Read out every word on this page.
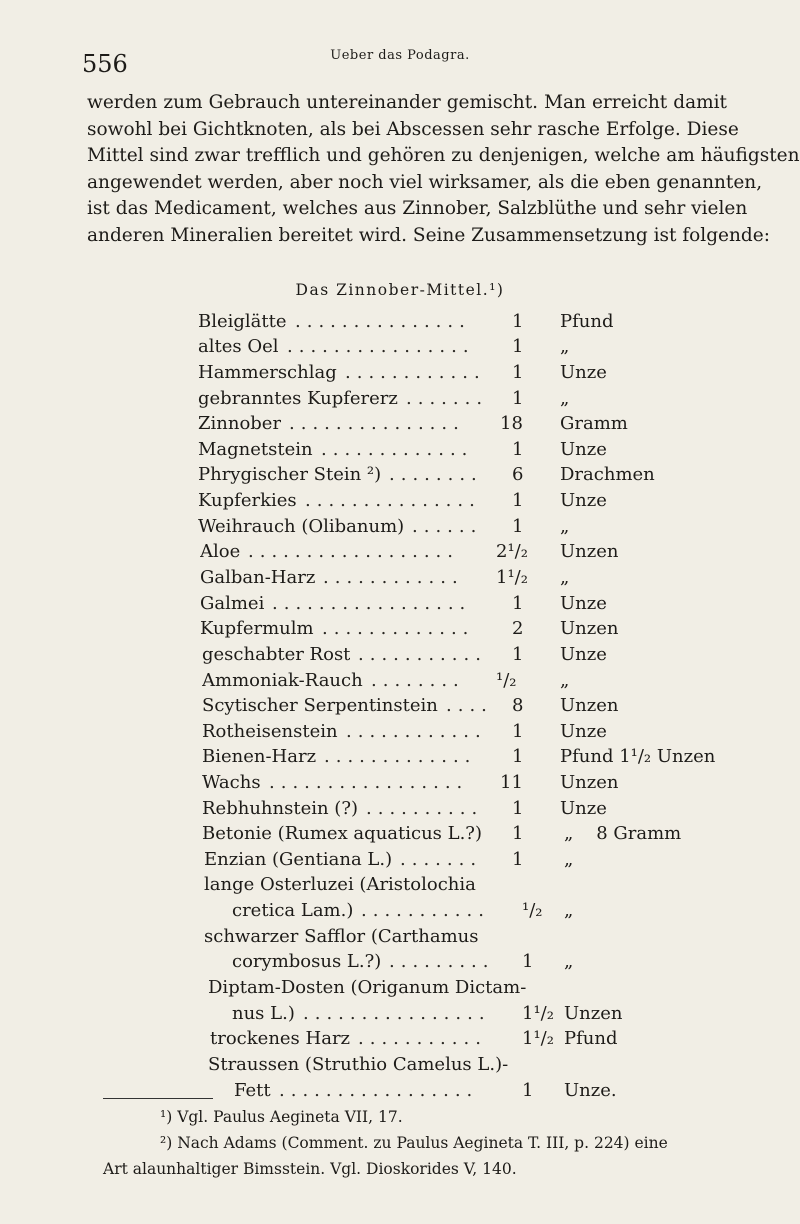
556	Ueber das Podagra.
werden zum Gebrauch untereinander gemischt. Man erreicht damit
sowohl bei Gichtknoten, als bei Abscessen sehr rasche Erfolge. Diese
Mittel sind zwar trefflich und gehören zu denjenigen, welche am häufigsten
angewendet werden, aber noch viel wirksamer, als die eben genannten,
ist das Medicament, welches aus Zinnober, Salzblüthe und sehr vielen
anderen Mineralien bereitet wird. Seine Zusammensetzung ist folgende:
Das Zinnober-Mittel.¹)
Bleiglätte ...............	1 Pfund
altes Oel ................	1 „
Hammerschlag ............	1 Unze
gebranntes Kupfererz .......	1 „
Zinnober ...............	18 Gramm
Magnetstein .............	1 Unze
Phrygischer Stein ²) ........	6 Drachmen
Kupferkies ...............	1 Unze
Weihrauch (Olibanum) ......	1 „
Aloe ..................	2¹/₂ Unzen
Galban-Harz ............	1¹/₂ „
Galmei .................	1 Unze
Kupfermulm .............	2 Unzen
geschabter Rost ...........	1 Unze
Ammoniak-Rauch ........	¹/₂ „
Scytischer Serpentinstein ....	8 Unzen
Rotheisenstein ............	1 Unze
Bienen-Harz .............	1 Pfund 1¹/₂ Unzen
Wachs .................	11 Unzen
Rebhuhnstein (?) ..........	1 Unze
Betonie (Rumex aquaticus L.?) 1 „    8 Gramm
Enzian (Gentiana L.) .......	1 „
lange Osterluzei (Aristolochia
cretica Lam.) ...........	¹/₂ „
schwarzer Safflor (Carthamus
corymbosus L.?) .........	1 „
Diptam-Dosten (Origanum Dictam-
nus L.) ................	1¹/₂ Unzen
trockenes Harz ...........	1¹/₂ Pfund
Straussen (Struthio Camelus L.)-
Fett .................	1 Unze.
¹) Vgl. Paulus Aegineta VII, 17.
²) Nach Adams (Comment. zu Paulus Aegineta T. III, p. 224) eine
Art alaunhaltiger Bimsstein. Vgl. Dioskorides V, 140.
